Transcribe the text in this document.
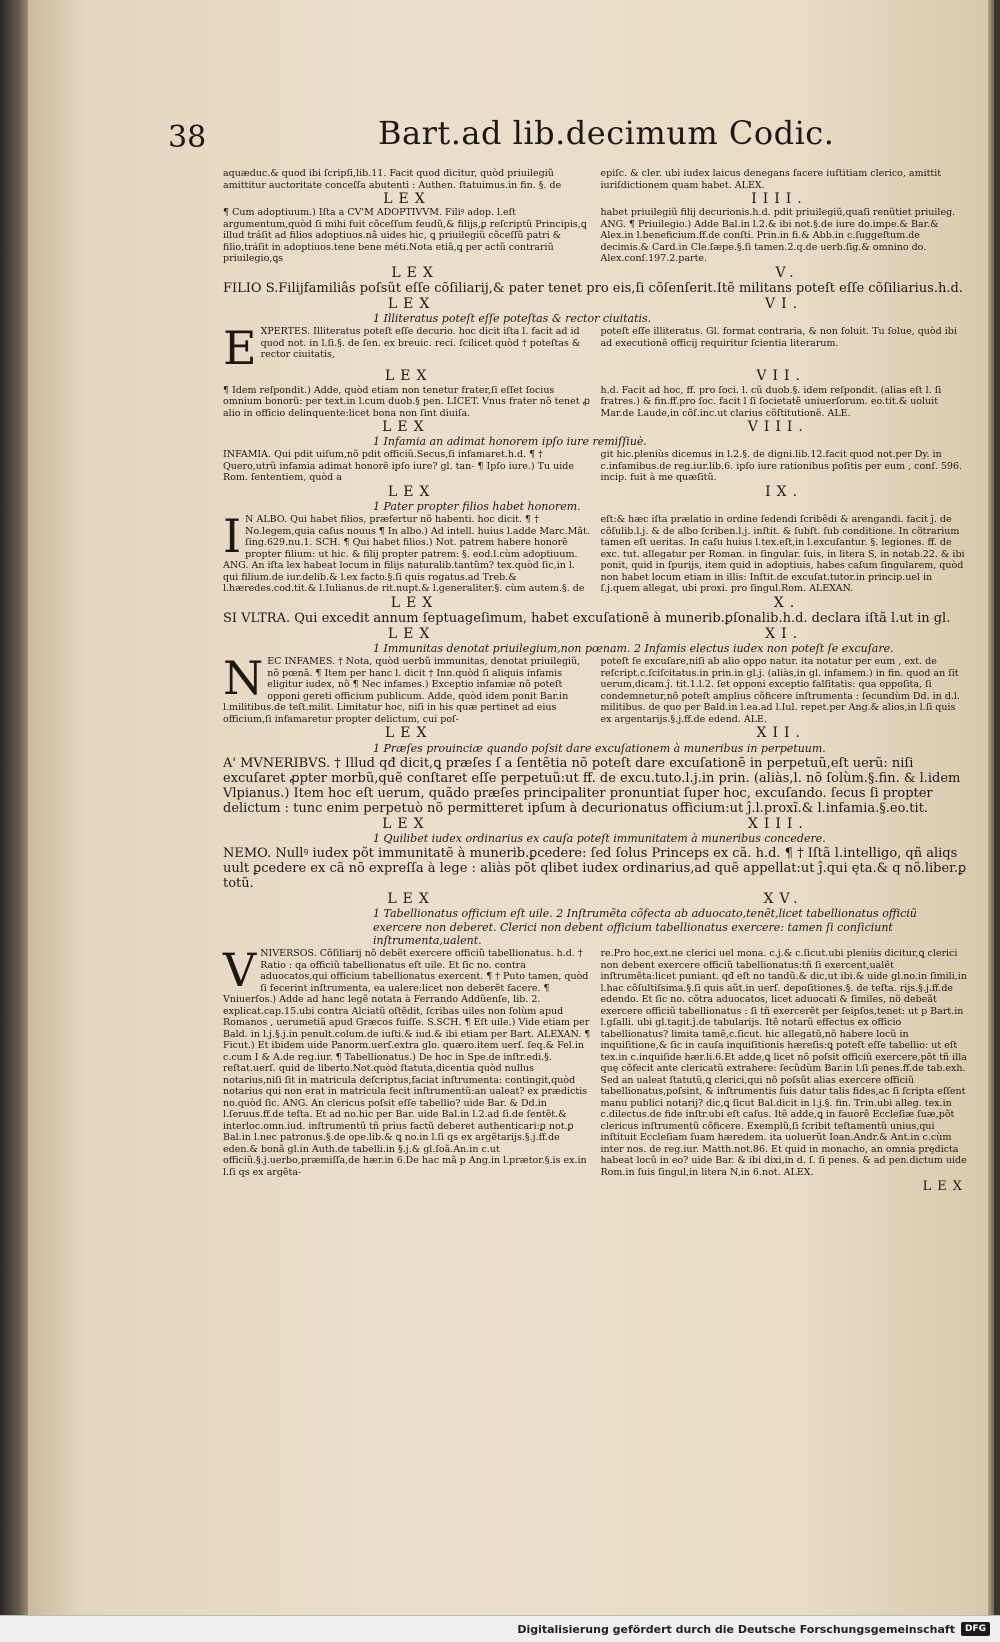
38	Bart.ad lib.decimum Codic.
aquæduc.& quod ibi ſcripſi,lib.11. Facit quod dicitur, quòd priuilegiũ amittitur auctoritate conceſſa abutenti : Authen. ſtatuimus.in fin. §. de
epiſc. & cler. ubi iudex laicus denegans facere iuſtitiam clerico, amittit iuriſdictionem quam habet. ALEX.
LEX	IIII.
¶ Cum adoptiuum.) Iſta a CV'M ADOPTIVVM. Filiꝰ adop. l.eſt argumentum,quòd ſi mihi fuit cõceſſum feudũ,& filijs,ꝑ reſcriptũ Principis,ꝗ illud tráſit ad filios adoptiuos.nã uides hic, ꝗ priuilegiũ cõceſſũ patri & filio,tráſit in adoptiuos.tene bene méti.Nota etiã,ꝗ per actũ contrariũ priuilegio,ꝗs
habet priuilegiũ filij decurionis.h.d. pdit priuilegiũ,quaſi renũtiet priuileg. ANG. ¶ Priuilegio.) Adde Bal.in l.2.& ibi not.§.de iure do.impe.& Bar.& Alex.in l.beneficium.ff.de conſti. Prin.in fi.& Abb.in c.ſuggeſtum.de decimis.& Card.in Cle.ſæpe.§.ſi tamen.2.q.de uerb.ſig.& omnino do. Alex.conſ.197.2.parte.
LEX	V.
FILIO S.Filijfamiliâs poſsũt eſſe cõſiliarij,& pater tenet pro eis,ſi cõſenſerit.Itẽ militans poteſt eſſe cõſiliarius.h.d.
LEX	VI.
1 Illiteratus poteſt eſſe poteſtas & rector ciuitatis.
EXPERTES. Illiteratus poteſt eſſe decurio. hoc dicit iſta l. facit ad id quod not. in l.ſi.§. de ſen. ex breuic. reci. ſcilicet quòd † poteſtas & rector ciuitatis,
poteſt eſſe illiteratus. Gl. format contraria, & non ſoluit. Tu ſolue, quòd ibi ad executionẽ officij requiritur ſcientia literarum.
LEX	VII.
¶ Idem reſpondit.) Adde, quòd etiam non tenetur frater,ſi eſſet ſocius omnium bonorũ: per text.in l.cum duob.§ pen. LICET. Vnus frater nõ tenet ꝓ alio in officio delinquente:licet bona non ſint diuiſa.
h.d. Facit ad hoc, ff. pro ſoci. l. cũ duob.§. idem reſpondit. (alias eſt l. ſi fratres.) & fin.ff.pro ſoc. facit l ſi ſocietatẽ uniuerſorum. eo.tit.& uoluit Mar.de Laude,in cõſ.inc.ut clarius cõſtitutionẽ. ALE.
LEX	VIII.
1 Infamia an adimat honorem ipſo iure remiſſiuè.
INFAMIA. Qui pdit uiſum,nõ pdit officiũ.Secus,ſi infamaret.h.d. ¶ † Quero,utrũ infamia adimat honorẽ ipſo iure? gl. tan- ¶ Ipſo iure.) Tu uide Rom. ſententiem, quòd a
git hic.pleniùs dicemus in l.2.§. de digni.lib.12.facit quod not.per Dy. in c.infamibus.de reg.iur.lib.6. ipſo iure rationibus poſitis per eum , conſ. 596. incip. fuit à me quæſitũ.
LEX	IX.
1 Pater propter filios habet honorem.
I N ALBO. Qui habet filios, præfertur nõ habenti. hoc dicit. ¶ † No.legem,quia caſus nouus ¶ In albo.) Ad intell. huius l.adde Marc.Mãt. ſing.629.nu.1. SCH. ¶ Qui habet filios.) Not. patrem habere honorẽ propter filium: ut hic. & filij propter patrem: §. eod.l.cùm adoptiuum. ANG. An iſta lex habeat locum in filijs naturalib.tantũm? tex.quòd ſic,in l. qui filium.de iur.delib.& l.ex facto.§.ſi quis rogatus.ad Treb.& l.hæredes.cod.tit.& l.Iulianus.de rit.nupt.& l.generaliter.§. cùm autem.§. de
eſt:& hæc iſta prælatio in ordine ſedendi ſcribẽdi & arengandi. facit ĵ. de cõſulib.l.j. & de albo ſcriben.l.j. inſtit. & ſubſt. ſub conditione. In cõtrarium tamen eſt ueritas. In caſu huius l.tex.eſt,in l.excuſantur. §. legiones. ff. de exc. tut. allegatur per Roman. in ſingular. ſuis, in litera S, in notab.22. & ibi ponit, quid in ſpurijs, item quid in adoptiuis, habes caſum ſingularem, quòd non habet locum etiam in illis: Inſtit.de excuſat.tutor.in princip.uel in ſ.j.quem allegat, ubi proxi. pro ſingul.Rom. ALEXAN.
LEX	X.
SI VLTRA. Qui excedit annum ſeptuageſimum, habet excuſationẽ à munerib.ꝑſonalib.h.d. declara iſtã l.ut in gl.
LEX	XI.
1 Immunitas denotat priuilegium,non pœnam. 2 Infamis electus iudex non poteſt ſe excuſare.
NEC INFAMES. † Nota, quòd uerbũ immunitas, denotat priuilegiũ, nõ pœnã. ¶ Item per hanc l. dicit † Inn.quòd ſi aliquis infamis eligitur iudex, nõ ¶ Nec infames.) Exceptio infamiæ nõ poteſt opponi gereti officium publicum. Adde, quòd idem ponit Bar.in l.militibus.de teſt.milit. Limitatur hoc, niſi in his quæ pertinet ad eius officium,ſi infamaretur propter delictum, cui poſ-
poteſt ſe excuſare,niſi ab alio oppo natur. ita notatur per eum , ext. de reſcript.c.ſciſcitatus.in prin.in gl.j. (aliàs,in gl. infamem.) in fin. quod an ſit uerum,dicam.ĵ. tit.1.l.2. ſet opponi exceptio falſitatis: qua oppoſita, ſi condemnetur,nõ poteſt amplius cõficere inſtrumenta : ſecundùm Dd. in d.l. militibus. de quo per Bald.in l.ea.ad l.Iul. repet.per Ang.& alios,in l.ſi quis ex argentarijs.§.j.ff.de edend. ALE.
LEX	XII.
1 Præſes prouinciæ quando poſsit dare excuſationem à muneribus in perpetuum.
A' MVNERIBVS. † Illud qđ dicit,ꝗ præſes ſ a ſentẽtia nõ poteſt dare excuſationẽ in perpetuũ,eſt uerũ: niſi excuſaret ꝓpter morbũ,quẽ conſtaret eſſe perpetuũ:ut ff. de excu.tuto.l.j.in prin. (aliàs,l. nõ ſolùm.§.fin. & l.idem Vlpianus.) Item hoc eſt uerum, quãdo præſes principaliter pronuntiat ſuper hoc, excuſando. ſecus ſi propter delictum : tunc enim perpetuò nõ permitteret ipſum à decurionatus officium:ut ĵ.l.proxĩ.& l.infamia.§.eo.tit.
LEX	XIII.
1 Quilibet iudex ordinarius ex cauſa poteſt immunitatem à muneribus concedere.
NEMO. Nullꝰ iudex põt immunitatẽ à munerib.ꝑcedere: ſed ſolus Princeps ex cã. h.d. ¶ † Iſtã l.intelligo, qñ aliqs uult ꝑcedere ex cã nõ expreſſa à lege : aliàs põt qlibet iudex ordinarius,ad quẽ appellat:ut ĵ.qui ęta.& q nõ.liber.ꝑ totũ.
LEX	XV.
1 Tabellionatus officium eſt uile. 2 Inſtrumẽta cõfecta ab aduocato,tenẽt,licet tabellionatus officiũ exercere non deberet. Clerici non debent officium tabellionatus exercere: tamen ſi conſiciunt inſtrumenta,ualent.
VNIVERSOS. Cõſiliarij nõ debẽt exercere officiũ tabellionatus. h.d. † Ratio : qa officiũ tabellionatus eſt uile. Et ſic no. contra aduocatos,qui officium tabellionatus exercent. ¶ † Puto tamen, quòd ſi fecerint inſtrumenta, ea ualere:licet non deberẽt facere. ¶ Vniuerſos.) Adde ad hanc legẽ notata à Ferrando Addũenſe, lib. 2. explicat.cap.15.ubi contra Alciatũ oſtẽdit, ſcribas uiles non ſolùm apud Romanos , uerumetiã apud Græcos fuiſſe. S.SCH. ¶ Eſt uile.) Vide etiam per Bald. in l.j.§.j.in penult.colum.de iuſti.& iud.& ibi etiam per Bart. ALEXAN. ¶ Ficut.) Et ibidem uide Panorm.uerſ.extra glo. quæro.item uerſ. ſeq.& Fel.in c.cum I & A.de reg.iur. ¶ Tabellionatus.) De hoc in Spe.de inſtr.edi.§. reſtat.uerſ. quid de liberto.Not.quòd ſtatuta,dicentia quòd nullus notarius,niſi ſit in matricula deſcriptus,faciat inſtrumenta: contingit,quòd notarius qui non erat in matricula fecit inſtrumentũ:an ualeat? ex prædictis no.quòd ſic. ANG. An clericus poſsit eſſe tabellio? uide Bar. & Dd.in l.ſeruus.ff.de teſta. Et ad no.hic per Bar. uide Bal.in l.2.ad ſi.de ſentẽt.& interloc.omn.iud. inſtrumentũ tñ prius factũ deberet authenticari:ꝑ not.ꝑ Bal.in l.nec patronus.§.de ope.lib.& ꝗ no.in l.ſi qs ex argẽtarijs.§.j.ff.de eden.& bonã gl.in Auth.de tabelli.in §.j.& gl.ſoã.An.in c.ut officiũ.§.j.uerbo,præmiſſa,de hær.in 6.De hac mã p Ang.in l.prætor.§.is ex.in l.ſi qs ex argẽta-
re.Pro hoc,ext.ne clerici uel mona. c.j.& c.ſicut.ubi pleniùs dicitur,ꝗ clerici non debent exercere officiũ tabellionatus:tñ ſi exercent,ualẽt inſtrumẽta:licet puniant. qđ eſt no tandũ.& dic,ut ibi.& uide gl.no.in ſimili,in l.hac cõſultiſsima.§.ſi quis aũt.in uerſ. depoſitiones.§. de teſta. rijs.§.j.ff.de edendo. Et ſic no. cõtra aduocatos, licet aduocati & ſimiles, nõ debeãt exercere officiũ tabellionatus : ſi tñ exercerẽt per ſeipſos,tenet: ut p Bart.in l.gſalli. ubi gl.tagit.ĵ.de tabularijs. Itẽ notarũ effectus ex officio tabellionatus? limita tamẽ,c.ſicut. hic allegatũ,nõ habere locũ in inquiſitione,& ſic in cauſa inquiſitionis hæreſis:ꝗ poteſt eſſe tabellio: ut eſt tex.in c.inquiſide hær.li.6.Et adde,ꝗ licet nõ poſsit officiũ exercere,põt tñ illa quę cõfecit ante clericatũ extrahere: ſecũdùm Bar.in l.ſi penes.ff.de tab.exh. Sed an ualeat ſtatutũ,ꝗ clerici,qui nõ poſsũt alias exercere officiũ tabellionatus,poſsint, & inſtrumentis ſuis datur talis fides,ac ſi ſcripta eſſent manu publici notarij? dic,ꝗ ſicut Bal.dicit in l.j.§. fin. Trin.ubi alleg. tex.in c.dilectus.de fide inſtr.ubi eſt caſus. Itẽ adde,ꝗ in fauorẽ Eccleſiæ ſuæ,põt clericus inſtrumentũ cõficere. Exemplũ,ſi ſcribit teſtamentũ unius,qui inſtituit Eccleſiam ſuam hæredem. ita uoluerũt Ioan.Andr.& Ant.in c.cùm inter nos. de reg.iur. Matth.not.86. Et quid in monacho, an omnia prędicta habeat locũ in eo? uide Bar. & ibi dixi,in d. ſ. ſi penes. & ad pen.dictum uide Rom.in ſuis ſingul,in litera N,in 6.not. ALEX.
LEX
Digitalisierung gefördert durch die Deutsche Forschungsgemeinschaft	DFG
